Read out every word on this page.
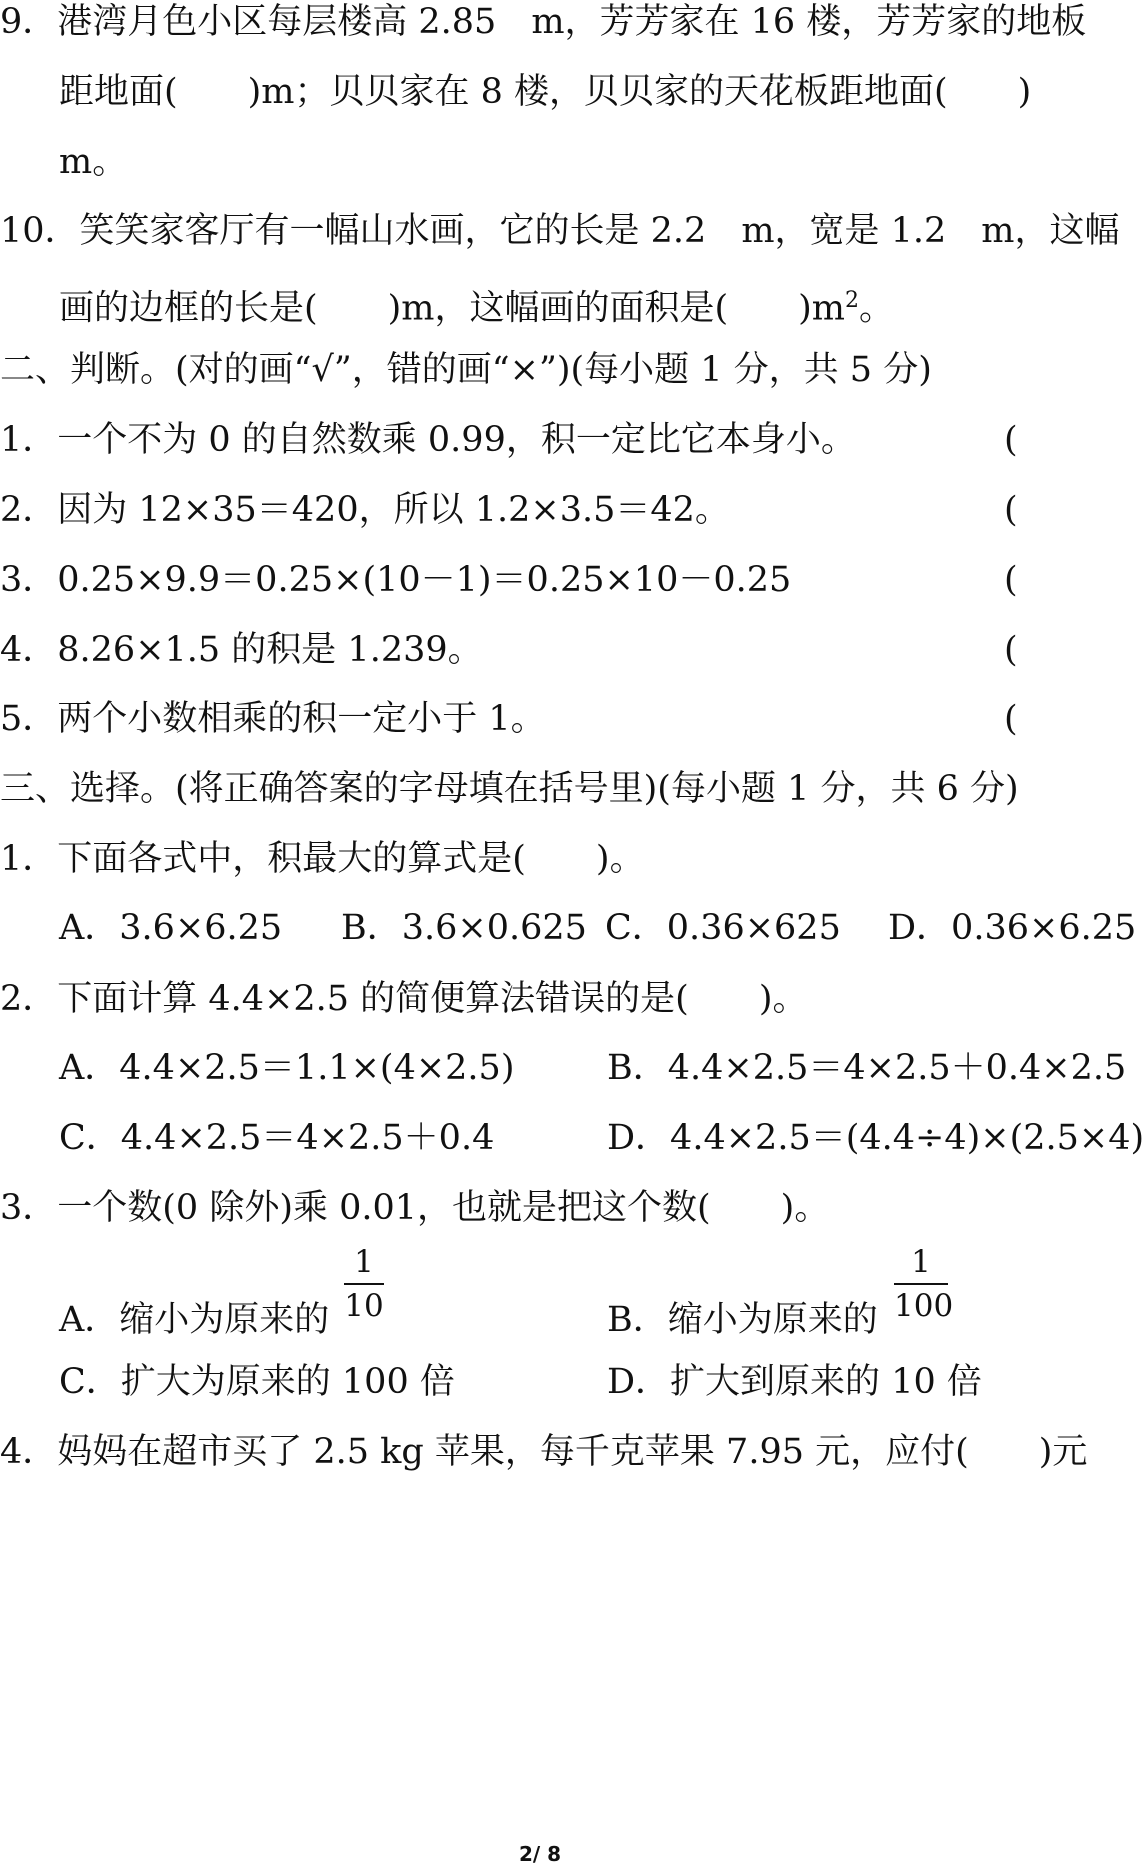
9．港湾月色小区每层楼高 2.85　m，芳芳家在 16 楼，芳芳家的地板
距地面(　　)m；贝贝家在 8 楼，贝贝家的天花板距地面(　　)
m。
10．笑笑家客厅有一幅山水画，它的长是 2.2　m，宽是 1.2　m，这幅
画的边框的长是(　　)m，这幅画的面积是(　　)$m^2$。
二、判断。(对的画“√”，错的画“×”)(每小题 1 分，共 5 分)
1．一个不为 0 的自然数乘 0.99，积一定比它本身小。	(
2．因为 12×35＝420，所以 1.2×3.5＝42。	(
3．0.25×9.9＝0.25×(10－1)＝0.25×10－0.25	(
4．8.26×1.5 的积是 1.239。	(
5．两个小数相乘的积一定小于 1。	(
三、选择。(将正确答案的字母填在括号里)(每小题 1 分，共 6 分)
1．下面各式中，积最大的算式是(　　)。
A．3.6×6.25 B．3.6×0.625 C．0.36×625 D．0.36×6.25
2．下面计算 4.4×2.5 的简便算法错误的是(　　)。
A．4.4×2.5＝1.1×(4×2.5)	B．4.4×2.5＝4×2.5＋0.4×2.5
C．4.4×2.5＝4×2.5＋0.4	D．4.4×2.5＝(4.4÷4)×(2.5×4)
3．一个数(0 除外)乘 0.01，也就是把这个数(　　)。
A．缩小为原来的
1
10	B．缩小为原来的
1
100
C．扩大为原来的 100 倍	D．扩大到原来的 10 倍
4．妈妈在超市买了 2.5 kg 苹果，每千克苹果 7.95 元，应付(　　)元
2/ 8
